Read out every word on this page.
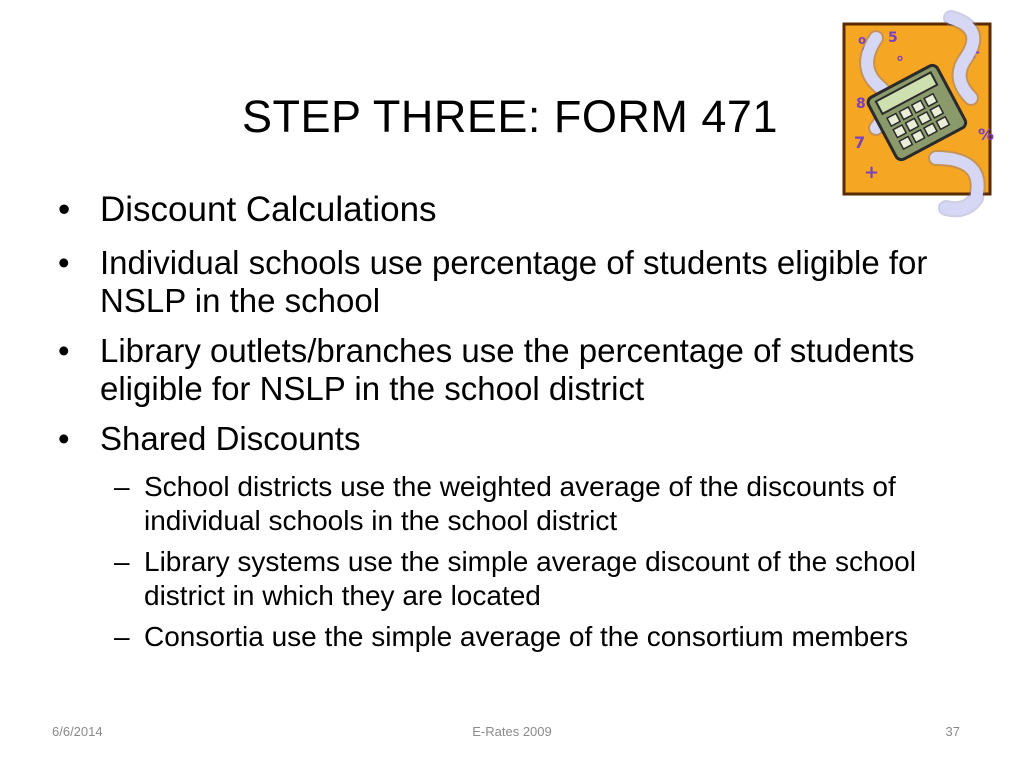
STEP THREE: FORM 471
% 5
°	+
7
+
%
8
• Discount Calculations
• Individual schools use percentage of students eligible for NSLP in the school
• Library outlets/branches use the percentage of students eligible for NSLP in the school district
• Shared Discounts
– School districts use the weighted average of the discounts of individual schools in the school district
– Library systems use the simple average discount of the school district in which they are located
– Consortia use the simple average of the consortium members
6/6/2014	E-Rates 2009	37
